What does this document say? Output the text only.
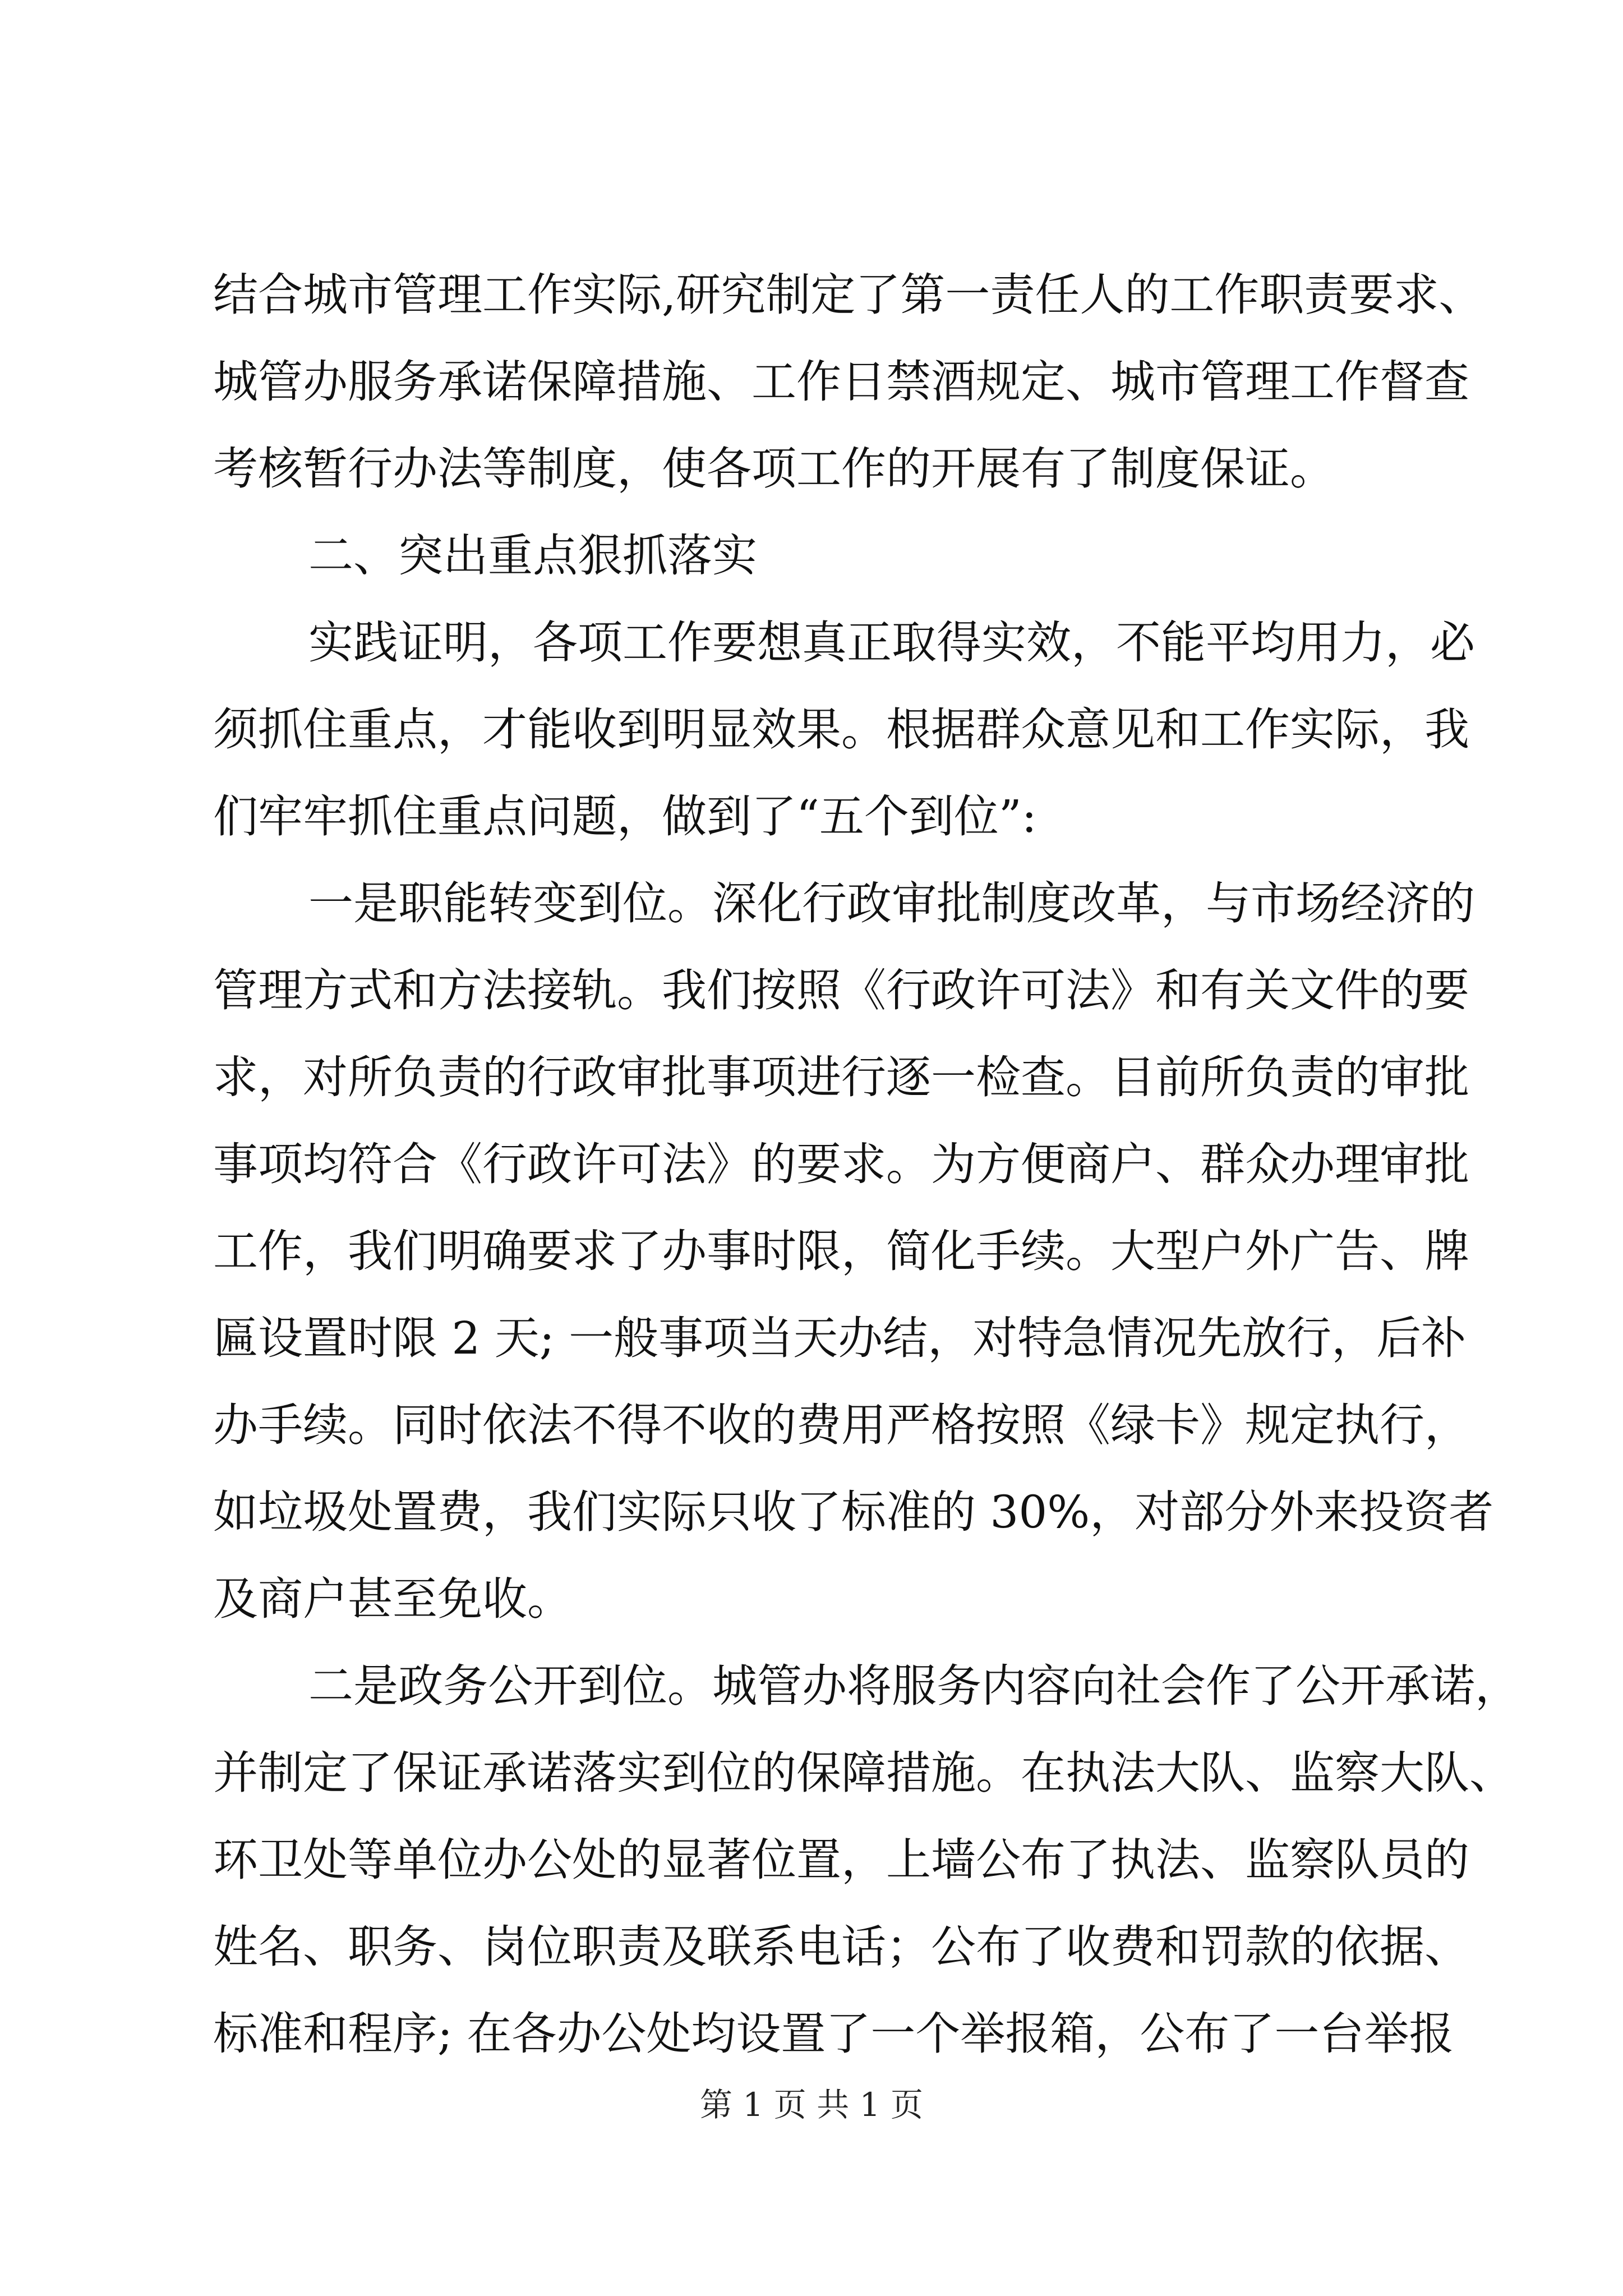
结合城市管理工作实际,研究制定了第一责任人的工作职责要求、
城管办服务承诺保障措施、工作日禁酒规定、城市管理工作督查
考核暂行办法等制度，使各项工作的开展有了制度保证。
二、突出重点狠抓落实
实践证明，各项工作要想真正取得实效，不能平均用力，必
须抓住重点，才能收到明显效果。根据群众意见和工作实际，我
们牢牢抓住重点问题，做到了“五个到位”:
一是职能转变到位。深化行政审批制度改革，与市场经济的
管理方式和方法接轨。我们按照《行政许可法》和有关文件的要
求，对所负责的行政审批事项进行逐一检查。目前所负责的审批
事项均符合《行政许可法》的要求。为方便商户、群众办理审批
工作，我们明确要求了办事时限，简化手续。大型户外广告、牌
匾设置时限 2 天; 一般事项当天办结，对特急情况先放行，后补
办手续。同时依法不得不收的费用严格按照《绿卡》规定执行，
如垃圾处置费，我们实际只收了标准的 30%，对部分外来投资者
及商户甚至免收。
二是政务公开到位。城管办将服务内容向社会作了公开承诺，
并制定了保证承诺落实到位的保障措施。在执法大队、监察大队、
环卫处等单位办公处的显著位置，上墙公布了执法、监察队员的
姓名、职务、岗位职责及联系电话；公布了收费和罚款的依据、
标准和程序; 在各办公处均设置了一个举报箱，公布了一台举报
第 1 页 共 1 页
